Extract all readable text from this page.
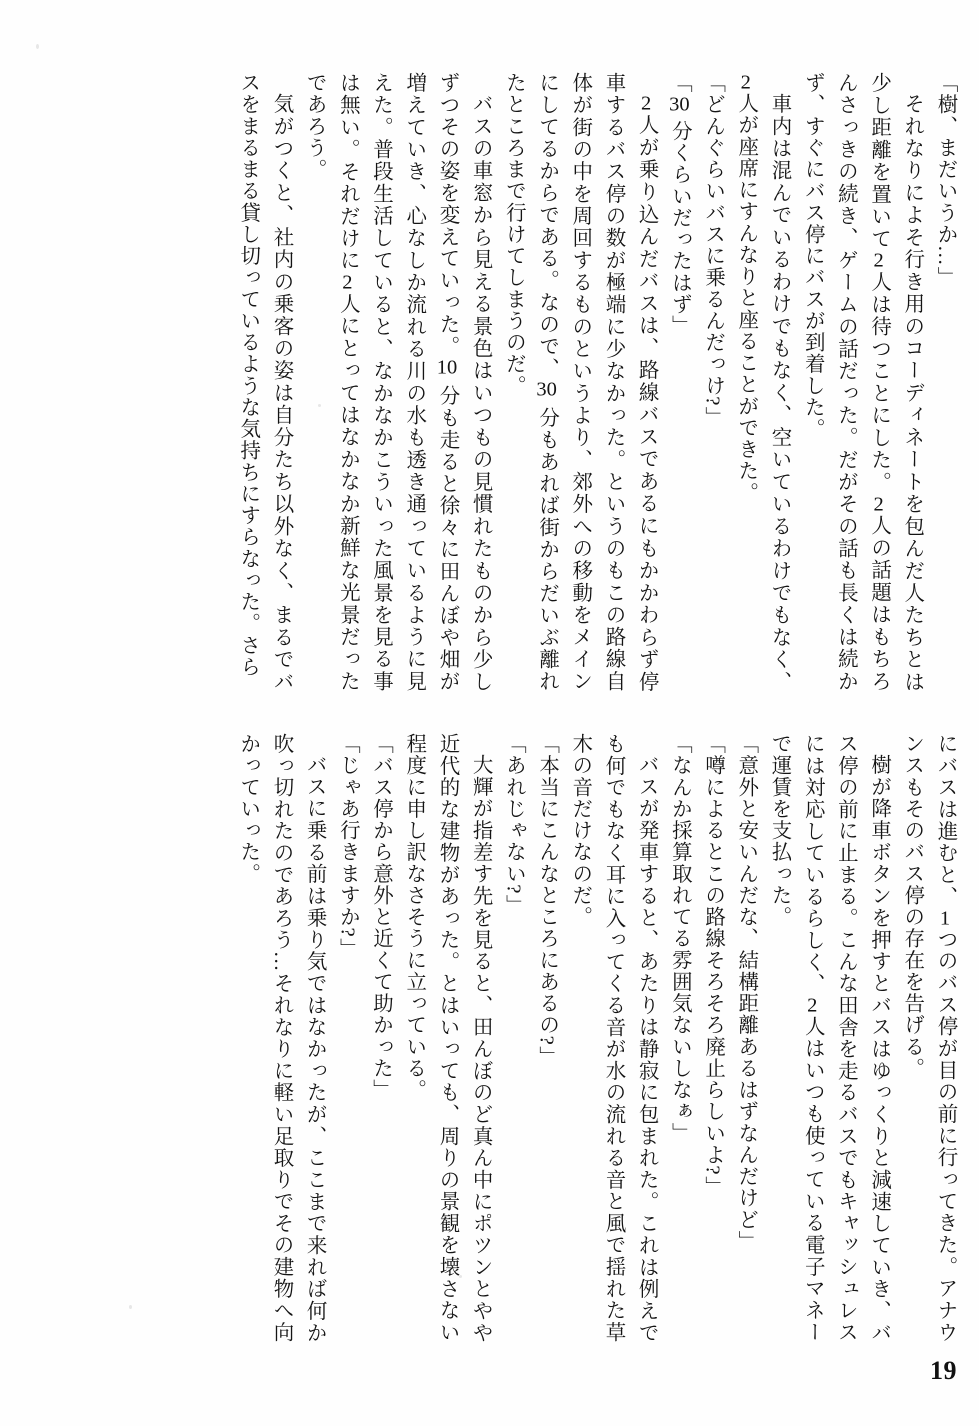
「樹、まだいうか…」

それなりによそ行き用のコーディネートを包んだ人たちとは少し距離を置いて2人は待つことにした。2人の話題はもちろんさっきの続き、ゲームの話だった。だがその話も長くは続かず、すぐにバス停にバスが到着した。

車内は混んでいるわけでもなく、空いているわけでもなく、2人が座席にすんなりと座ることができた。

「どんぐらいバスに乗るんだっけ?」

「30 分くらいだったはず」

2人が乗り込んだバスは、路線バスであるにもかかわらず停車するバス停の数が極端に少なかった。というのもこの路線自体が街の中を周回するものというより、郊外への移動をメインにしてるからである。なので、30 分もあれば街からだいぶ離れたところまで行けてしまうのだ。

バスの車窓から見える景色はいつもの見慣れたものから少しずつその姿を変えていった。10 分も走ると徐々に田んぼや畑が増えていき、心なしか流れる川の水も透き通っているように見えた。普段生活していると、なかなかこういった風景を見る事は無い。それだけに2人にとってはなかなか新鮮な光景だったであろう。

気がつくと、社内の乗客の姿は自分たち以外なく、まるでバスをまるまる貸し切っているような気持ちにすらなった。さら

にバスは進むと、1つのバス停が目の前に行ってきた。アナウンスもそのバス停の存在を告げる。

樹が降車ボタンを押すとバスはゆっくりと減速していき、バス停の前に止まる。こんな田舎を走るバスでもキャッシュレスには対応しているらしく、2人はいつも使っている電子マネーで運賃を支払った。

「意外と安いんだな、結構距離あるはずなんだけど」

「噂によるとこの路線そろそろ廃止らしいよ?」

「なんか採算取れてる雰囲気ないしなぁ」

バスが発車すると、あたりは静寂に包まれた。これは例えでも何でもなく耳に入ってくる音が水の流れる音と風で揺れた草木の音だけなのだ。

「本当にこんなところにあるの?」

「あれじゃない?」

大輝が指差す先を見ると、田んぼのど真ん中にポツンとやや近代的な建物があった。とはいっても、周りの景観を壊さない程度に申し訳なさそうに立っている。

「バス停から意外と近くて助かった」

「じゃあ行きますか?」

バスに乗る前は乗り気ではなかったが、ここまで来れば何か吹っ切れたのであろう…それなりに軽い足取りでその建物へ向かっていった。

19
